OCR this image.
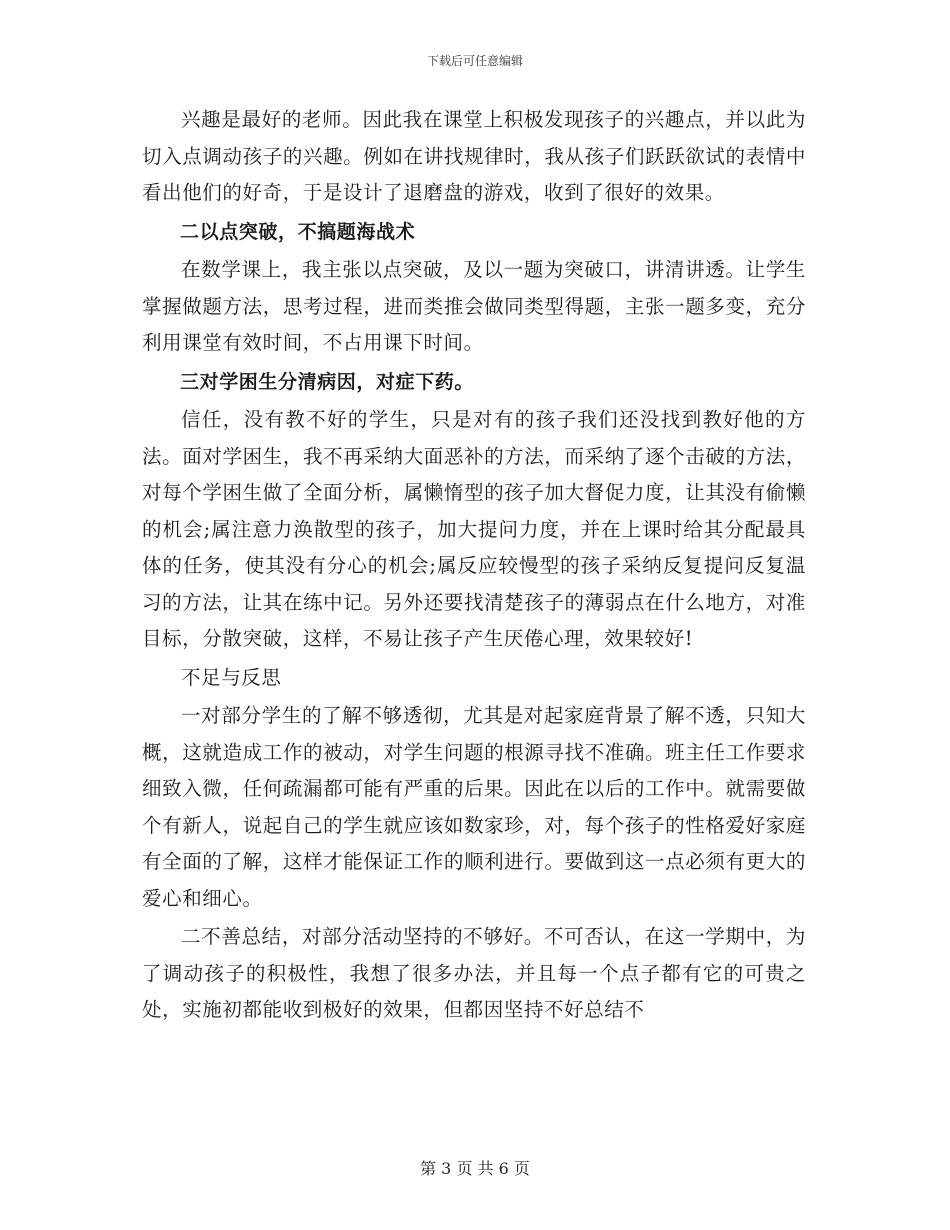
下载后可任意编辑

兴趣是最好的老师。因此我在课堂上积极发现孩子的兴趣点，并以此为切入点调动孩子的兴趣。例如在讲找规律时，我从孩子们跃跃欲试的表情中看出他们的好奇，于是设计了退磨盘的游戏，收到了很好的效果。

二以点突破，不搞题海战术

在数学课上，我主张以点突破，及以一题为突破口，讲清讲透。让学生掌握做题方法，思考过程，进而类推会做同类型得题，主张一题多变，充分利用课堂有效时间，不占用课下时间。

三对学困生分清病因，对症下药。

信任，没有教不好的学生，只是对有的孩子我们还没找到教好他的方法。面对学困生，我不再采纳大面恶补的方法，而采纳了逐个击破的方法，对每个学困生做了全面分析，属懒惰型的孩子加大督促力度，让其没有偷懒的机会;属注意力涣散型的孩子，加大提问力度，并在上课时给其分配最具体的任务，使其没有分心的机会;属反应较慢型的孩子采纳反复提问反复温习的方法，让其在练中记。另外还要找清楚孩子的薄弱点在什么地方，对准目标，分散突破，这样，不易让孩子产生厌倦心理，效果较好!

不足与反思

一对部分学生的了解不够透彻，尤其是对起家庭背景了解不透，只知大概，这就造成工作的被动，对学生问题的根源寻找不准确。班主任工作要求细致入微，任何疏漏都可能有严重的后果。因此在以后的工作中。就需要做个有新人，说起自己的学生就应该如数家珍，对，每个孩子的性格爱好家庭有全面的了解，这样才能保证工作的顺利进行。要做到这一点必须有更大的爱心和细心。

二不善总结，对部分活动坚持的不够好。不可否认，在这一学期中，为了调动孩子的积极性，我想了很多办法，并且每一个点子都有它的可贵之处，实施初都能收到极好的效果，但都因坚持不好总结不

第 3 页 共 6 页
